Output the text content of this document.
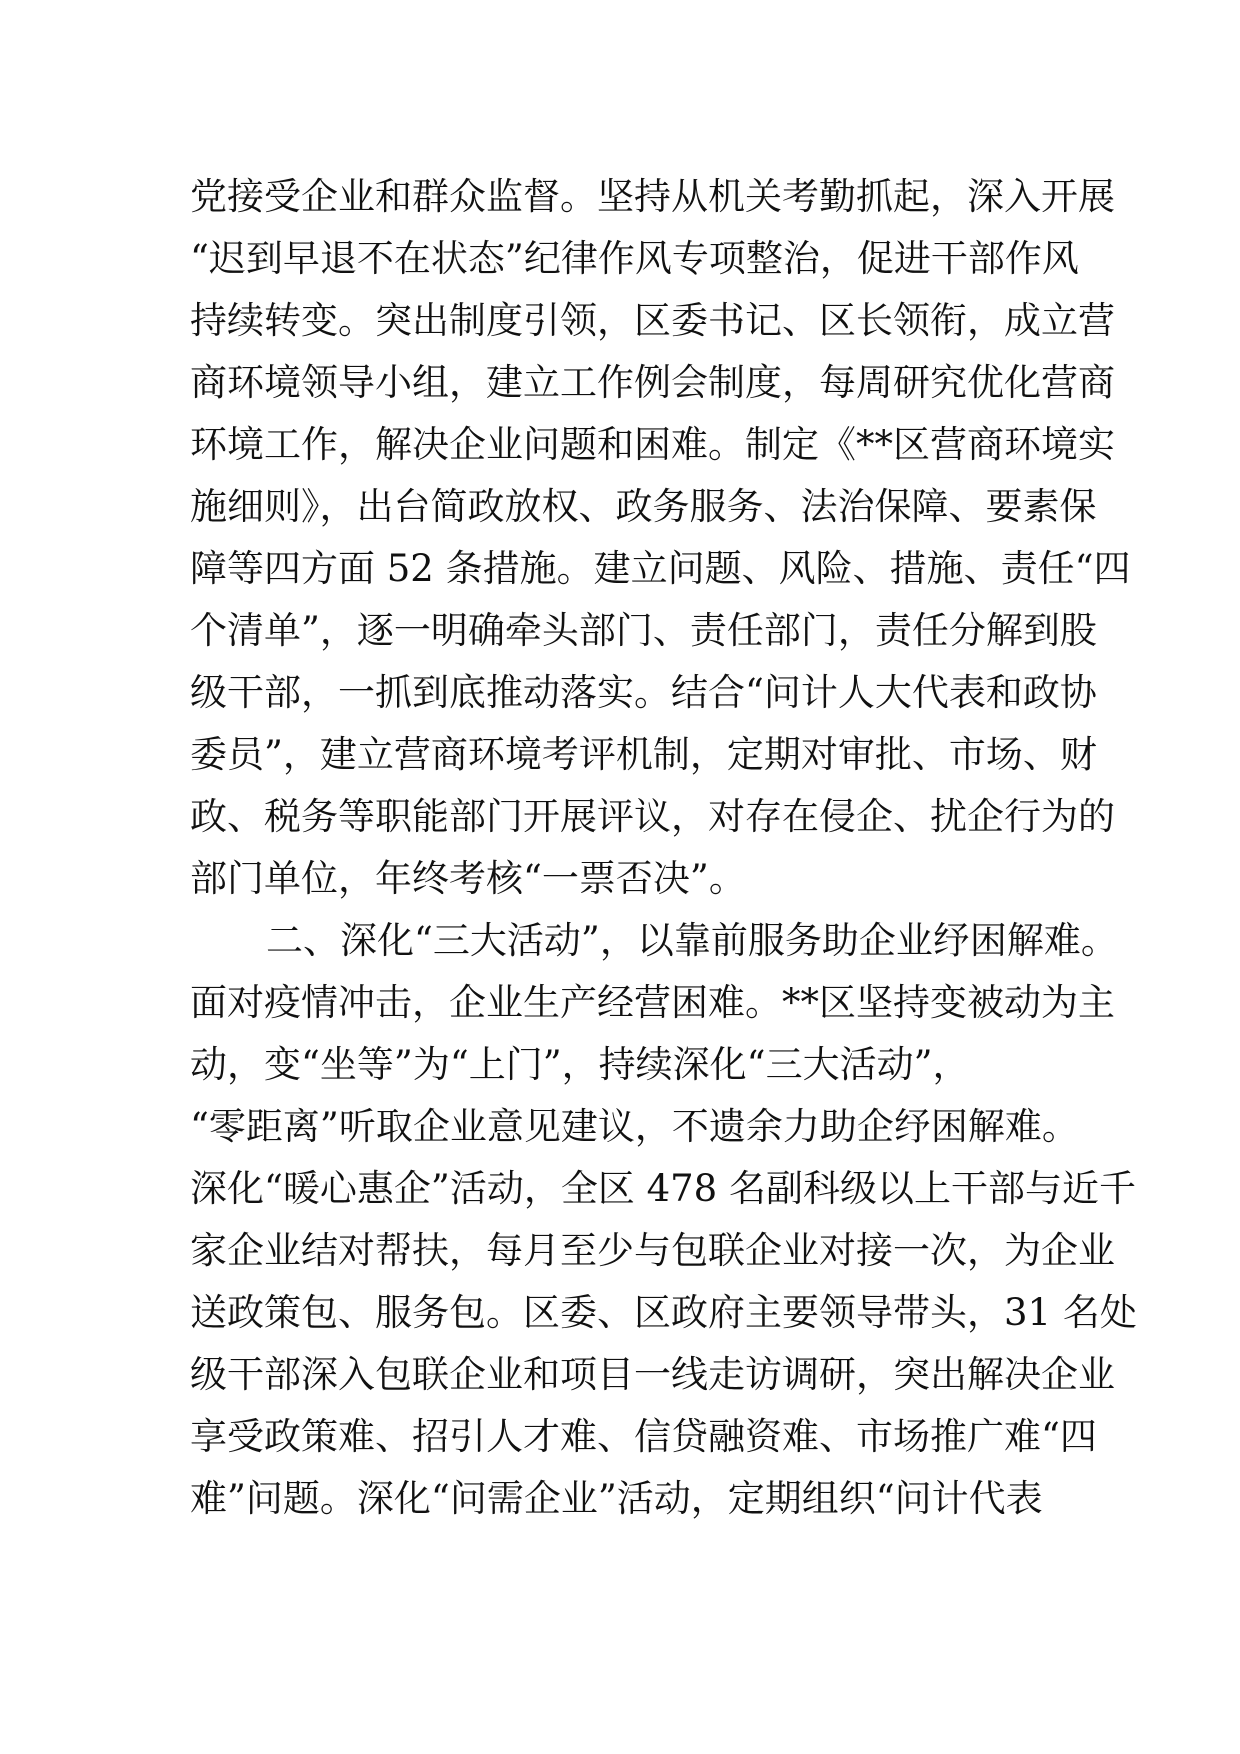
党接受企业和群众监督。坚持从机关考勤抓起，深入开展
“迟到早退不在状态”纪律作风专项整治，促进干部作风
持续转变。突出制度引领，区委书记、区长领衔，成立营
商环境领导小组，建立工作例会制度，每周研究优化营商
环境工作，解决企业问题和困难。制定《**区营商环境实
施细则》，出台简政放权、政务服务、法治保障、要素保
障等四方面 52 条措施。建立问题、风险、措施、责任“四
个清单”，逐一明确牵头部门、责任部门，责任分解到股
级干部，一抓到底推动落实。结合“问计人大代表和政协
委员”，建立营商环境考评机制，定期对审批、市场、财
政、税务等职能部门开展评议，对存在侵企、扰企行为的
部门单位，年终考核“一票否决”。
二、深化“三大活动”，以靠前服务助企业纾困解难。
面对疫情冲击，企业生产经营困难。**区坚持变被动为主
动，变“坐等”为“上门”，持续深化“三大活动”，
“零距离”听取企业意见建议，不遗余力助企纾困解难。
深化“暖心惠企”活动，全区 478 名副科级以上干部与近千
家企业结对帮扶，每月至少与包联企业对接一次，为企业
送政策包、服务包。区委、区政府主要领导带头，31 名处
级干部深入包联企业和项目一线走访调研，突出解决企业
享受政策难、招引人才难、信贷融资难、市场推广难“四
难”问题。深化“问需企业”活动，定期组织“问计代表
